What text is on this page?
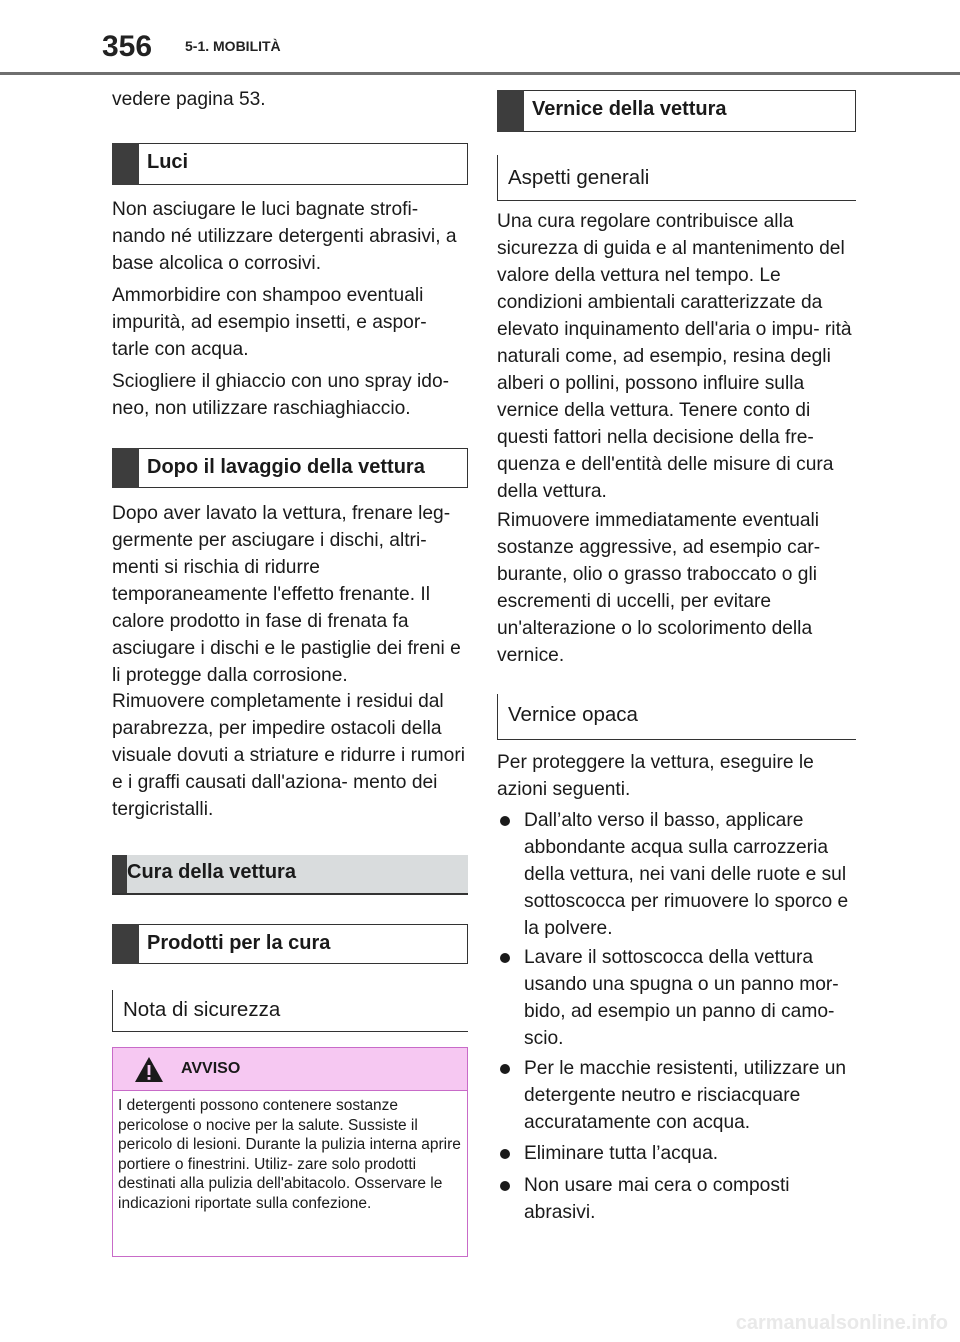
356 5-1. MOBILITÀ

vedere pagina 53.

Luci

Non asciugare le luci bagnate strofi- nando né utilizzare detergenti abrasivi, a base alcolica o corrosivi.

Ammorbidire con shampoo eventuali impurità, ad esempio insetti, e aspor- tarle con acqua.

Sciogliere il ghiaccio con uno spray ido- neo, non utilizzare raschiaghiaccio.

Dopo il lavaggio della vettura

Dopo aver lavato la vettura, frenare leg- germente per asciugare i dischi, altri- menti si rischia di ridurre temporaneamente l'effetto frenante. Il calore prodotto in fase di frenata fa asciugare i dischi e le pastiglie dei freni e li protegge dalla corrosione.

Rimuovere completamente i residui dal parabrezza, per impedire ostacoli della visuale dovuti a striature e ridurre i rumori e i graffi causati dall'aziona- mento dei tergicristalli.

Cura della vettura
Prodotti per la cura
Nota di sicurezza
AVVISO
I detergenti possono contenere sostanze pericolose o nocive per la salute. Sussiste il pericolo di lesioni. Durante la pulizia interna aprire portiere o finestrini. Utiliz- zare solo prodotti destinati alla pulizia dell'abitacolo. Osservare le indicazioni riportate sulla confezione.
Vernice della vettura
Aspetti generali

Una cura regolare contribuisce alla sicurezza di guida e al mantenimento del valore della vettura nel tempo. Le condizioni ambientali caratterizzate da elevato inquinamento dell'aria o impu- rità naturali come, ad esempio, resina degli alberi o pollini, possono influire sulla vernice della vettura. Tenere conto di questi fattori nella decisione della fre- quenza e dell'entità delle misure di cura della vettura.

Rimuovere immediatamente eventuali sostanze aggressive, ad esempio car- burante, olio o grasso traboccato o gli escrementi di uccelli, per evitare un'alterazione o lo scolorimento della vernice.

Vernice opaca

Per proteggere la vettura, eseguire le azioni seguenti.

Dall’alto verso il basso, applicare abbondante acqua sulla carrozzeria della vettura, nei vani delle ruote e sul sottoscocca per rimuovere lo sporco e la polvere.
Lavare il sottoscocca della vettura usando una spugna o un panno mor- bido, ad esempio un panno di camo- scio.
Per le macchie resistenti, utilizzare un detergente neutro e risciacquare accuratamente con acqua.
Eliminare tutta l’acqua.
Non usare mai cera o composti abrasivi.
carmanualsonline.info
